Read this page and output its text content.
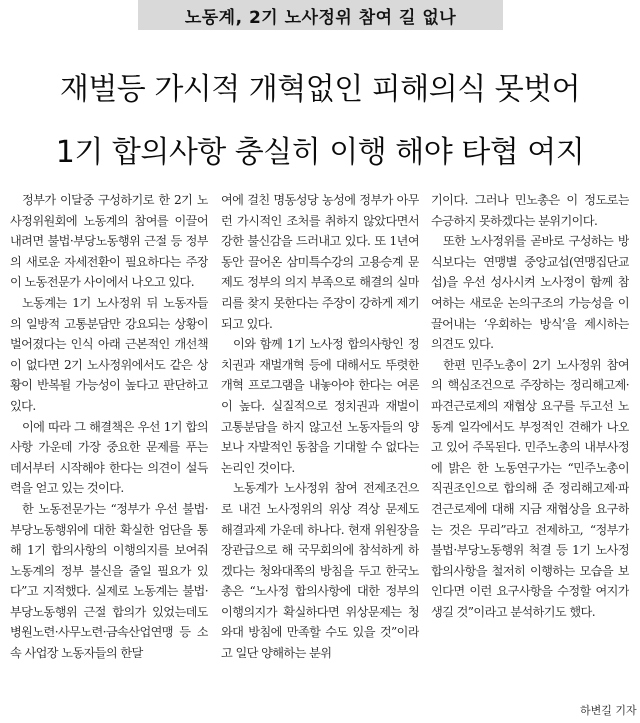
노동계, 2기 노사정위 참여 길 없나
재벌등 가시적 개혁없인 피해의식 못벗어
1기 합의사항 충실히 이행 해야 타협 여지

정부가 이달중 구성하기로 한 2기 노사정위원회에 노동계의 참여를 이끌어내려면 불법·부당노동행위 근절 등 정부의 새로운 자세전환이 필요하다는 주장이 노동전문가 사이에서 나오고 있다.

노동계는 1기 노사정위 뒤 노동자들의 일방적 고통분담만 강요되는 상황이 벌어졌다는 인식 아래 근본적인 개선책이 없다면 2기 노사정위에서도 같은 상황이 반복될 가능성이 높다고 판단하고 있다.

이에 따라 그 해결책은 우선 1기 합의사항 가운데 가장 중요한 문제를 푸는 데서부터 시작해야 한다는 의견이 설득력을 얻고 있는 것이다.

한 노동전문가는 “정부가 우선 불법·부당노동행위에 대한 확실한 엄단을 통해 1기 합의사항의 이행의지를 보여줘 노동계의 정부 불신을 줄일 필요가 있다”고 지적했다. 실제로 노동계는 불법·부당노동행위 근절 합의가 있었는데도 병원노련·사무노련·금속산업연맹 등 소속 사업장 노동자들의 한달

여에 걸친 명동성당 농성에 정부가 아무런 가시적인 조처를 취하지 않았다면서 강한 불신감을 드러내고 있다. 또 1년여 동안 끌어온 삼미특수강의 고용승계 문제도 정부의 의지 부족으로 해결의 실마리를 찾지 못한다는 주장이 강하게 제기되고 있다.

이와 함께 1기 노사정 합의사항인 정치권과 재벌개혁 등에 대해서도 뚜렷한 개혁 프로그램을 내놓아야 한다는 여론이 높다. 실질적으로 정치권과 재벌이 고통분담을 하지 않고선 노동자들의 양보나 자발적인 동참을 기대할 수 없다는 논리인 것이다.

노동계가 노사정위 참여 전제조건으로 내건 노사정위의 위상 격상 문제도 해결과제 가운데 하나다. 현재 위원장을 장관급으로 해 국무회의에 참석하게 하겠다는 청와대쪽의 방침을 두고 한국노총은 “노사정 합의사항에 대한 정부의 이행의지가 확실하다면 위상문제는 청와대 방침에 만족할 수도 있을 것”이라고 일단 양해하는 분위

기이다. 그러나 민노총은 이 정도로는 수긍하지 못하겠다는 분위기이다.

또한 노사정위를 곧바로 구성하는 방식보다는 연맹별 중앙교섭(연맹집단교섭)을 우선 성사시켜 노사정이 함께 참여하는 새로운 논의구조의 가능성을 이끌어내는 ‘우회하는 방식’을 제시하는 의견도 있다.

한편 민주노총이 2기 노사정위 참여의 핵심조건으로 주장하는 정리해고제·파견근로제의 재협상 요구를 두고선 노동계 일각에서도 부정적인 견해가 나오고 있어 주목된다. 민주노총의 내부사정에 밝은 한 노동연구가는 “민주노총이 직권조인으로 합의해 준 정리해고제·파견근로제에 대해 지금 재협상을 요구하는 것은 무리”라고 전제하고, “정부가 불법·부당노동행위 척결 등 1기 노사정 합의사항을 철저히 이행하는 모습을 보인다면 이런 요구사항을 수정할 여지가 생길 것”이라고 분석하기도 했다.

하변길 기자
